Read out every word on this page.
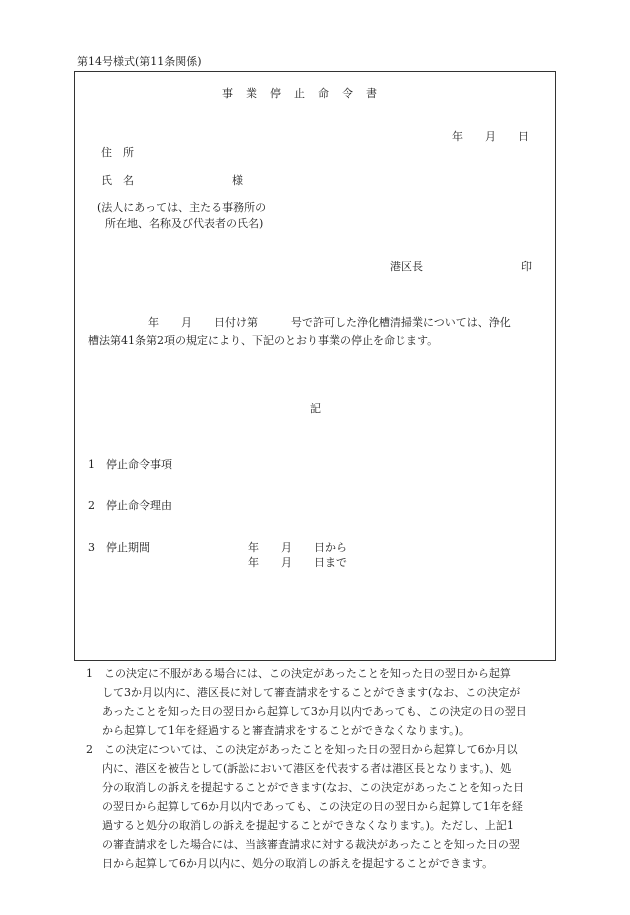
第14号様式(第11条関係)
事　業　停　止　命　令　書
年　　月　　日
住　所
氏　名	様
(法人にあっては、主たる事務所の
所在地、名称及び代表者の氏名)
港区長	印
年　　月　　日付け第　　　号で許可した浄化槽清掃業については、浄化
槽法第41条第2項の規定により、下記のとおり事業の停止を命じます。
記
1 停止命令事項
2 停止命令理由
3 停止期間	年　　月　　日から
年　　月　　日まで
1 この決定に不服がある場合には、この決定があったことを知った日の翌日から起算
して3か月以内に、港区長に対して審査請求をすることができます(なお、この決定が
あったことを知った日の翌日から起算して3か月以内であっても、この決定の日の翌日
から起算して1年を経過すると審査請求をすることができなくなります。)。
2 この決定については、この決定があったことを知った日の翌日から起算して6か月以
内に、港区を被告として(訴訟において港区を代表する者は港区長となります。)、処
分の取消しの訴えを提起することができます(なお、この決定があったことを知った日
の翌日から起算して6か月以内であっても、この決定の日の翌日から起算して1年を経
過すると処分の取消しの訴えを提起することができなくなります。)。ただし、上記1
の審査請求をした場合には、当該審査請求に対する裁決があったことを知った日の翌
日から起算して6か月以内に、処分の取消しの訴えを提起することができます。
